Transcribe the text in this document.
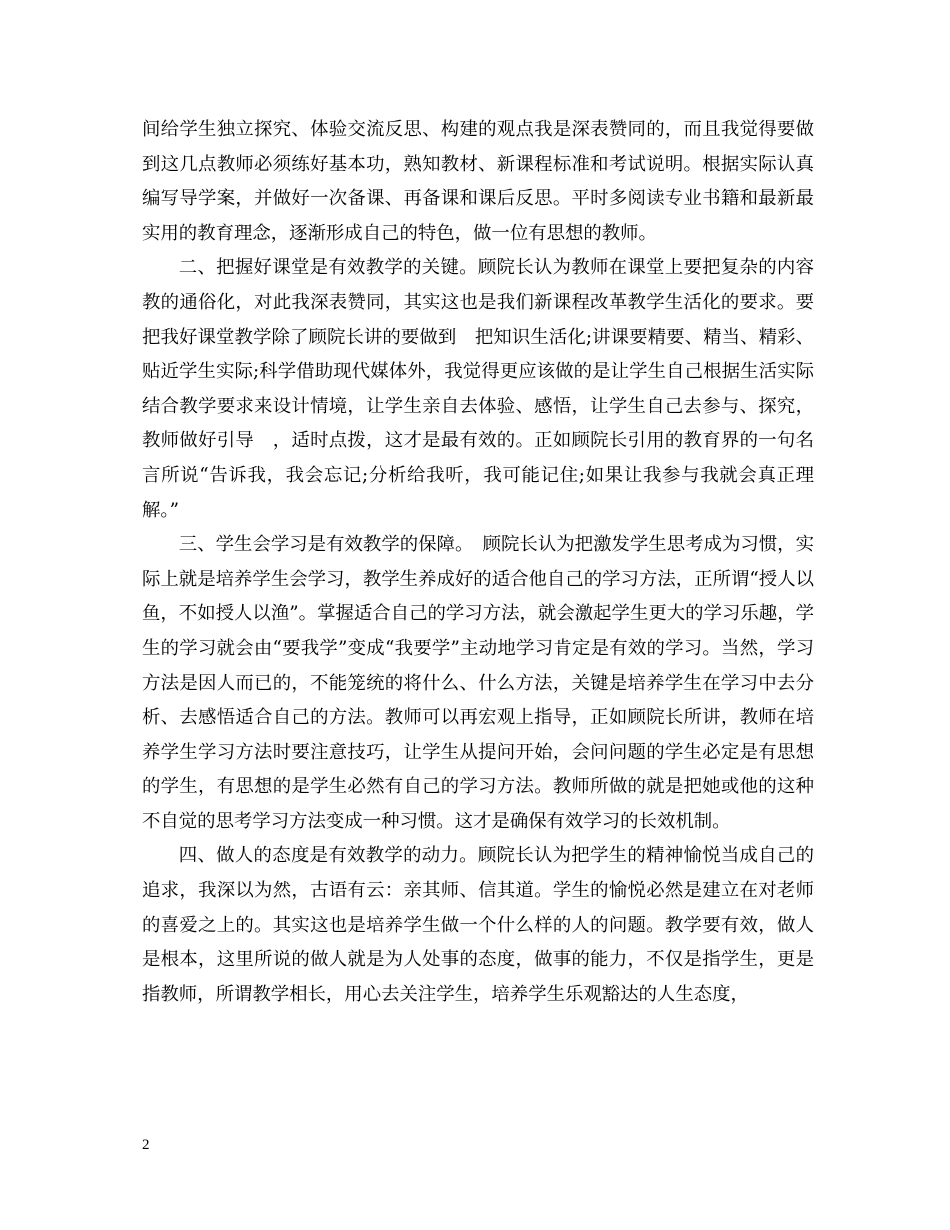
间给学生独立探究、体验交流反思、构建的观点我是深表赞同的，而且我觉得要做到这几点教师必须练好基本功，熟知教材、新课程标准和考试说明。根据实际认真编写导学案，并做好一次备课、再备课和课后反思。平时多阅读专业书籍和最新最实用的教育理念，逐渐形成自己的特色，做一位有思想的教师。

二、把握好课堂是有效教学的关键。顾院长认为教师在课堂上要把复杂的内容教的通俗化，对此我深表赞同，其实这也是我们新课程改革教学生活化的要求。要把我好课堂教学除了顾院长讲的要做到　把知识生活化;讲课要精要、精当、精彩、贴近学生实际;科学借助现代媒体外，我觉得更应该做的是让学生自己根据生活实际结合教学要求来设计情境，让学生亲自去体验、感悟，让学生自己去参与、探究，教师做好引导　，适时点拨，这才是最有效的。正如顾院长引用的教育界的一句名言所说“告诉我，我会忘记;分析给我听，我可能记住;如果让我参与我就会真正理解。”

三、学生会学习是有效教学的保障。　顾院长认为把激发学生思考成为习惯，实际上就是培养学生会学习，教学生养成好的适合他自己的学习方法，正所谓“授人以鱼，不如授人以渔”。掌握适合自己的学习方法，就会激起学生更大的学习乐趣，学生的学习就会由“要我学”变成“我要学”主动地学习肯定是有效的学习。当然，学习方法是因人而已的，不能笼统的将什么、什么方法，关键是培养学生在学习中去分析、去感悟适合自己的方法。教师可以再宏观上指导，正如顾院长所讲，教师在培养学生学习方法时要注意技巧，让学生从提问开始，会问问题的学生必定是有思想的学生，有思想的是学生必然有自己的学习方法。教师所做的就是把她或他的这种不自觉的思考学习方法变成一种习惯。这才是确保有效学习的长效机制。

四、做人的态度是有效教学的动力。顾院长认为把学生的精神愉悦当成自己的追求，我深以为然，古语有云：亲其师、信其道。学生的愉悦必然是建立在对老师的喜爱之上的。其实这也是培养学生做一个什么样的人的问题。教学要有效，做人是根本，这里所说的做人就是为人处事的态度，做事的能力，不仅是指学生，更是指教师，所谓教学相长，用心去关注学生，培养学生乐观豁达的人生态度，

2
